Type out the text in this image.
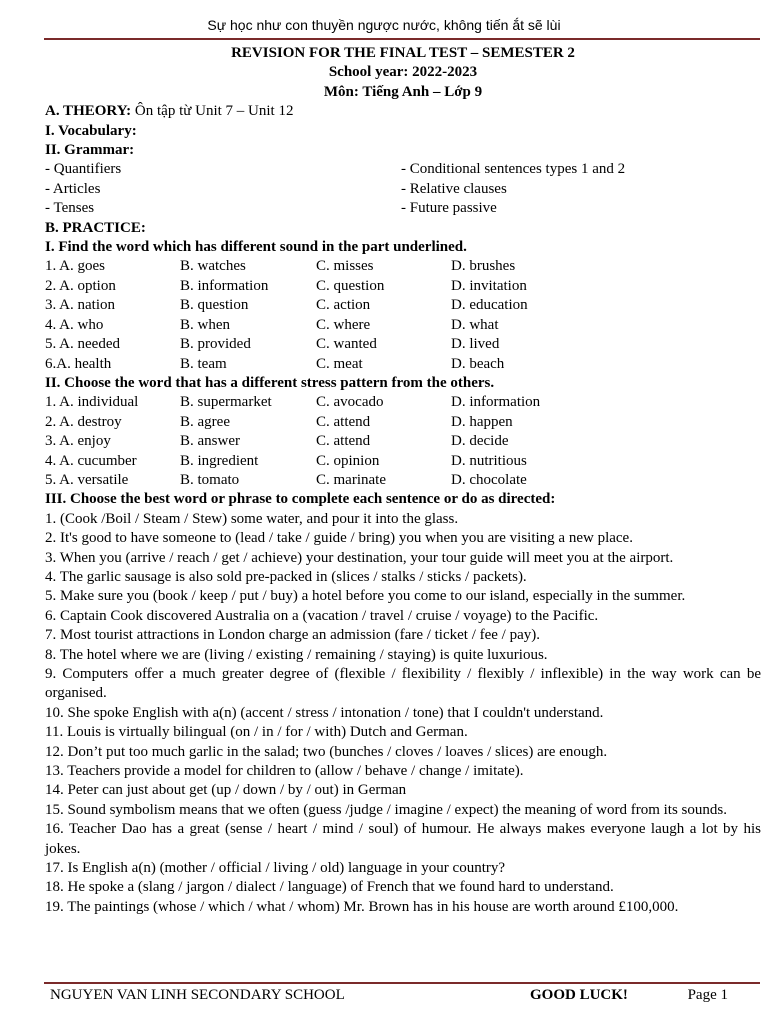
Sự học như con thuyền ngược nước, không tiến ắt sẽ lùi
REVISION FOR THE FINAL TEST – SEMESTER 2
School year: 2022-2023
Môn: Tiếng Anh – Lớp 9
A. THEORY: Ôn tập từ Unit 7 – Unit 12
I. Vocabulary:
II. Grammar:
- Quantifiers	- Conditional sentences types 1 and 2
- Articles	- Relative clauses
- Tenses	- Future passive
B. PRACTICE:
I. Find the word which has different sound in the part underlined.
1. A. goes	B. watches	C. misses	D. brushes
2. A. option	B. information	C. question	D. invitation
3. A. nation	B. question	C. action	D. education
4. A. who	B. when	C. where	D. what
5. A. needed	B. provided	C. wanted	D. lived
6.A. health	B. team	C. meat	D. beach
II. Choose the word that has a different stress pattern from the others.
1. A. individual	B. supermarket	C. avocado	D. information
2. A. destroy	B. agree	C. attend	D. happen
3. A. enjoy	B. answer	C. attend	D. decide
4. A. cucumber	B. ingredient	C. opinion	D. nutritious
5. A. versatile	B. tomato	C. marinate	D. chocolate
III. Choose the best word or phrase to complete each sentence or do as directed:
1. (Cook /Boil / Steam / Stew) some water, and pour it into the glass.
2. It's good to have someone to (lead / take / guide / bring) you when you are visiting a new place.
3. When you (arrive / reach / get / achieve) your destination, your tour guide will meet you at the airport.
4. The garlic sausage is also sold pre-packed in (slices / stalks / sticks / packets).
5. Make sure you (book / keep / put / buy) a hotel before you come to our island, especially in the summer.
6. Captain Cook discovered Australia on a (vacation / travel / cruise / voyage) to the Pacific.
7. Most tourist attractions in London charge an admission (fare / ticket / fee / pay).
8. The hotel where we are (living / existing / remaining / staying) is quite luxurious.
9. Computers offer a much greater degree of (flexible / flexibility / flexibly / inflexible) in the way work can be organised.
10. She spoke English with a(n) (accent / stress / intonation / tone) that I couldn't understand.
11. Louis is virtually bilingual (on / in / for / with) Dutch and German.
12. Don’t put too much garlic in the salad; two (bunches / cloves / loaves / slices) are enough.
13. Teachers provide a model for children to (allow / behave / change / imitate).
14. Peter can just about get (up / down / by / out) in German
15. Sound symbolism means that we often (guess /judge / imagine / expect) the meaning of word from its sounds.
16. Teacher Dao has a great (sense / heart / mind / soul) of humour. He always makes everyone laugh a lot by his jokes.
17. Is English a(n) (mother / official / living / old) language in your country?
18. He spoke a (slang / jargon / dialect / language) of French that we found hard to understand.
19. The paintings (whose / which / what / whom) Mr. Brown has in his house are worth around £100,000.
NGUYEN VAN LINH SECONDARY SCHOOL	GOOD LUCK!	Page 1
